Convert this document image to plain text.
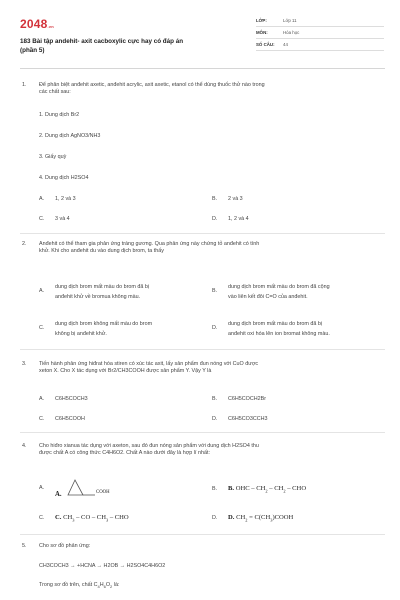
2048.vn
183 Bài tập andehit- axit cacboxylic cực hay có đáp án
(phần 5)
LỚP:	Lớp 11
MÔN:	Hóa học
SỐ CÂU: 44
1. Để phân biệt anđehit axetic, anđehit acrylic, axit axetic, etanol có thể dùng thuốc thử nào trong
các chất sau:
1. Dung dịch Br2
2. Dung dịch AgNO3/NH3
3. Giấy quỳ
4. Dung dịch H2SO4
A. 1, 2 và 3	B. 2 và 3
C. 3 và 4	D. 1, 2 và 4
2. Anđehit có thể tham gia phản ứng tráng gương. Qua phản ứng này chứng tỏ anđehit có tính
khử. Khi cho anđehit du vào dung dịch brom, ta thấy
A.
dung dịch brom mất màu do brom đã bị
anđehit khử về bromua không màu.
B.
dung dịch brom mất màu do brom đã cộng
vào liên kết đôi C=O của anđehit.
C.
dung dịch brom không mất màu do brom
không bị anđehit khử.
D.
dung dịch brom mất màu do brom đã bị
anđehit oxi hóa lên ion bromat không màu.
3. Tiến hành phản ứng hiđrat hóa stiren có xúc tác axit, lấy sản phẩm đun nóng với CuO được
xeton X. Cho X tác dụng với Br2/CH3COOH được sản phẩm Y. Vậy Y là
A. C6H5COCH3	B. C6H5COCH2Br
C. C6H5COOH	D. C6H5CO3CCH3
4. Cho hiđro xianua tác dụng với axeton, sau đó đun nóng sản phẩm với dung dịch H2SO4 thu
được chất A có công thức C4H6O2. Chất A nào dưới đây là hợp lí nhất:
A.
A.	COOH
B. B. OHC – $CH_2 - CH_2$ – CHO
C. C. $CH_3$ – CO – $CH_3$ – CHO	D. D. $CH_2$ = $C(CH_3)COOH$
5. Cho sơ đồ phản ứng:
CH3COCH3 → +HCNA → H2OB → H2SO4C4H6O2
Trong sơ đồ trên, chất $C_4H_6O_2$ là:
